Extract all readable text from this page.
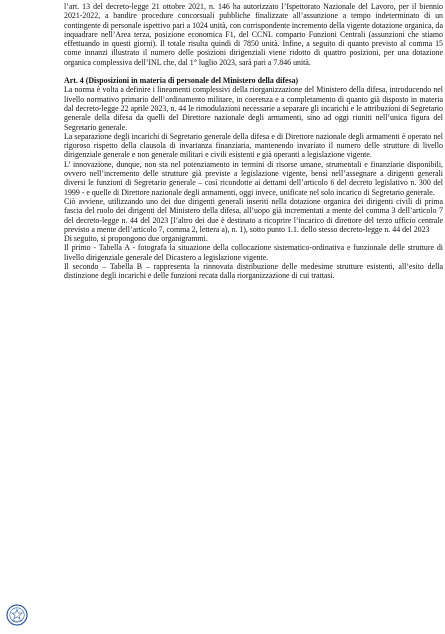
l’art. 13 del decreto-legge 21 ottobre 2021, n. 146 ha autorizzato l’Ispettorato Nazionale del Lavoro, per il biennio 2021-2022, a bandire procedure concorsuali pubbliche finalizzate all’assunzione a tempo indeterminato di un contingente di personale ispettivo pari a 1024 unità, con corrispondente incremento della vigente dotazione organica, da inquadrare nell’Area terza, posizione economica F1, del CCNL comparto Funzioni Centrali (assunzioni che stiamo effettuando in questi giorni). Il totale risulta quindi di 7850 unità. Infine, a seguito di quanto previsto al comma 15 come innanzi illustrato il numero delle posizioni dirigenziali viene ridotto di quattro posizioni, per una dotazione organica complessiva dell’INL che, dal 1° luglio 2023, sarà pari a 7.846 unità.

Art. 4 (Disposizioni in materia di personale del Ministero della difesa)

La norma è volta a definire i lineamenti complessivi della riorganizzazione del Ministero della difesa, introducendo nel livello normativo primario dell’ordinamento militare, in coerenza e a completamento di quanto già disposto in materia dal decreto-legge 22 aprile 2023, n. 44 le rimodulazioni necessarie a separare gli incarichi e le attribuzioni di Segretario generale della difesa da quelli del Direttore nazionale degli armamenti, sino ad oggi riuniti nell’unica figura del Segretario generale.

La separazione degli incarichi di Segretario generale della difesa e di Direttore nazionale degli armamenti è operato nel rigoroso rispetto della clausola di invarianza finanziaria, mantenendo invariato il numero delle strutture di livello dirigenziale generale e non generale militari e civili esistenti e già operanti a legislazione vigente.

L’ innovazione, dunque, non sta nel potenziamento in termini di risorse umane, strumentali e finanziarie disponibili, ovvero nell’incremento delle strutture già previste a legislazione vigente, bensì nell’assegnare a dirigenti generali diversi le funzioni di Segretario generale – così ricondotte ai dettami dell’articolo 6 del decreto legislativo n. 300 del 1999 - e quelle di Direttore nazionale degli armamenti, oggi invece, unificate nel solo incarico di Segretario generale.

Ciò avviene, utilizzando uno dei due dirigenti generali inseriti nella dotazione organica dei dirigenti civili di prima fascia del ruolo dei dirigenti del Ministero della difesa, all’uopo già incrementati a mente del comma 3 dell’articolo 7 del decreto-legge n. 44 del 2023 [l’altro dei due è destinato a ricoprire l’incarico di direttore del terzo ufficio centrale previsto a mente dell’articolo 7, comma 2, lettera a), n. 1), sotto punto 1.1. dello stesso decreto-legge n. 44 del 2023

Di seguito, si propongono due organigrammi.

Il primo - Tabella A - fotografa la situazione della collocazione sistematico-ordinativa e funzionale delle strutture di livello dirigenziale generale del Dicastero a legislazione vigente.

Il secondo – Tabella B – rappresenta la rinnovata distribuzione delle medesime strutture esistenti, all’esito della distinzione degli incarichi e delle funzioni recata dalla riorganizzazione di cui trattasi.
